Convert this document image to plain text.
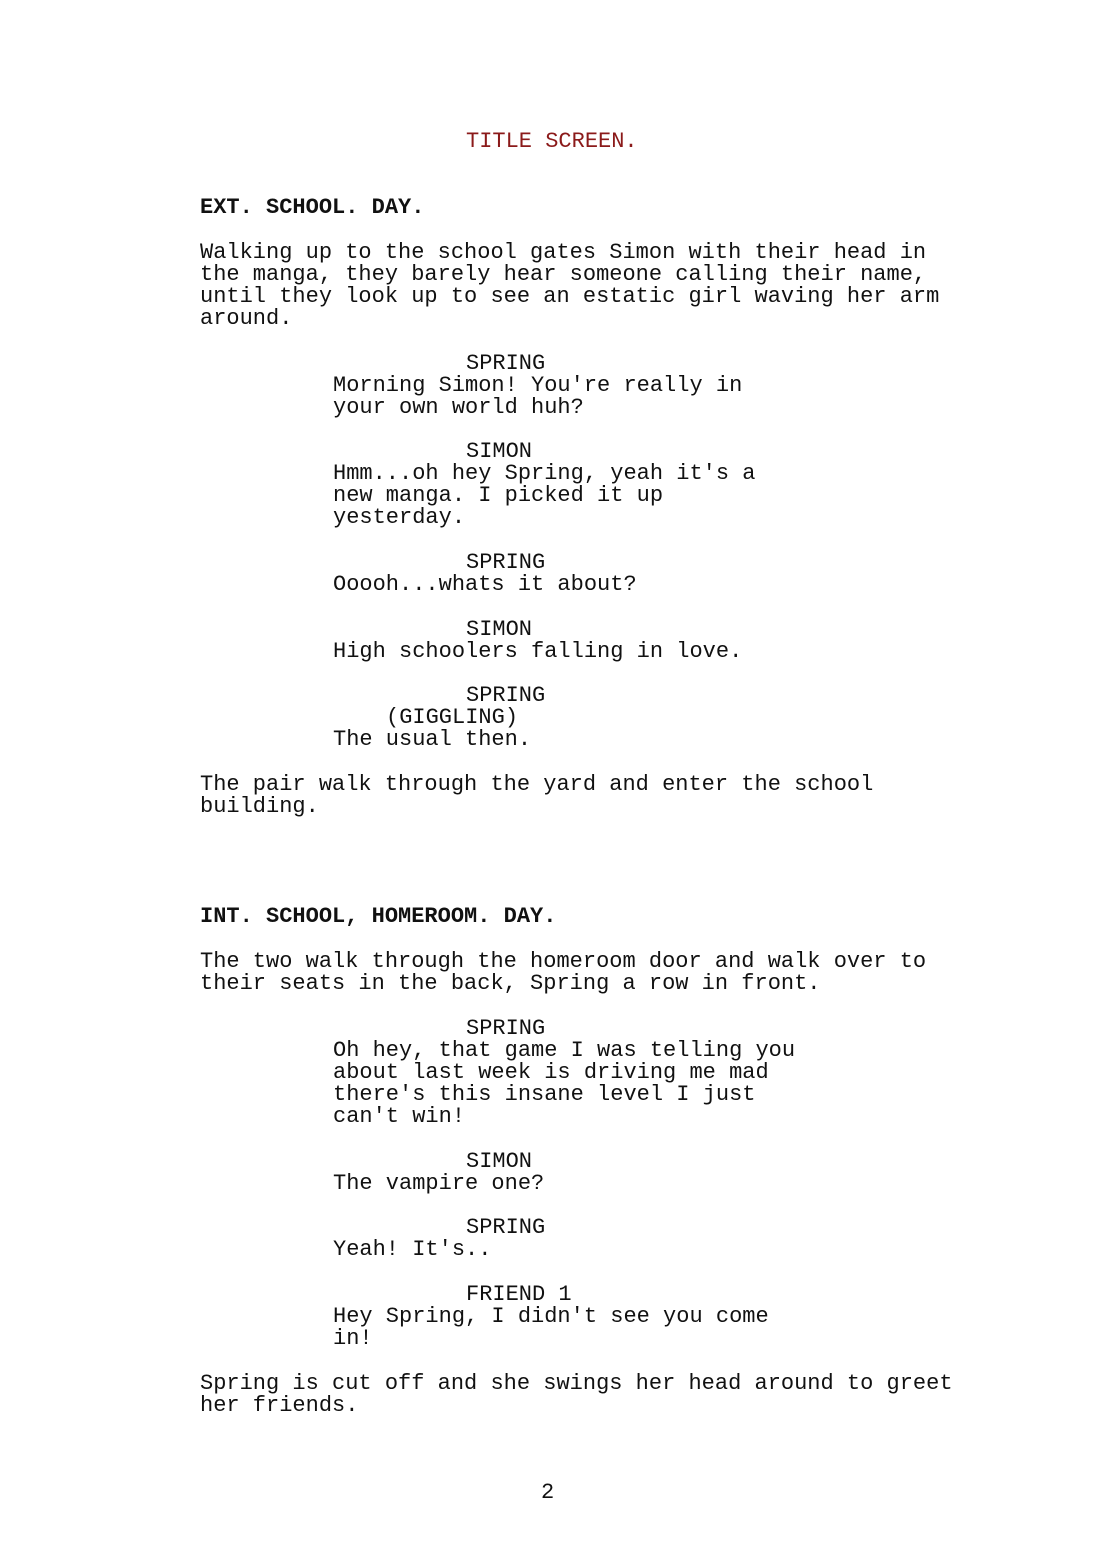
TITLE SCREEN.
EXT. SCHOOL. DAY.
Walking up to the school gates Simon with their head in
the manga, they barely hear someone calling their name,
until they look up to see an estatic girl waving her arm
around.
SPRING
Morning Simon! You're really in
your own world huh?
SIMON
Hmm...oh hey Spring, yeah it's a
new manga. I picked it up
yesterday.
SPRING
Ooooh...whats it about?
SIMON
High schoolers falling in love.
SPRING
(GIGGLING)
The usual then.
The pair walk through the yard and enter the school
building.
INT. SCHOOL, HOMEROOM. DAY.
The two walk through the homeroom door and walk over to
their seats in the back, Spring a row in front.
SPRING
Oh hey, that game I was telling you
about last week is driving me mad
there's this insane level I just
can't win!
SIMON
The vampire one?
SPRING
Yeah! It's..
FRIEND 1
Hey Spring, I didn't see you come
in!
Spring is cut off and she swings her head around to greet
her friends.
2
